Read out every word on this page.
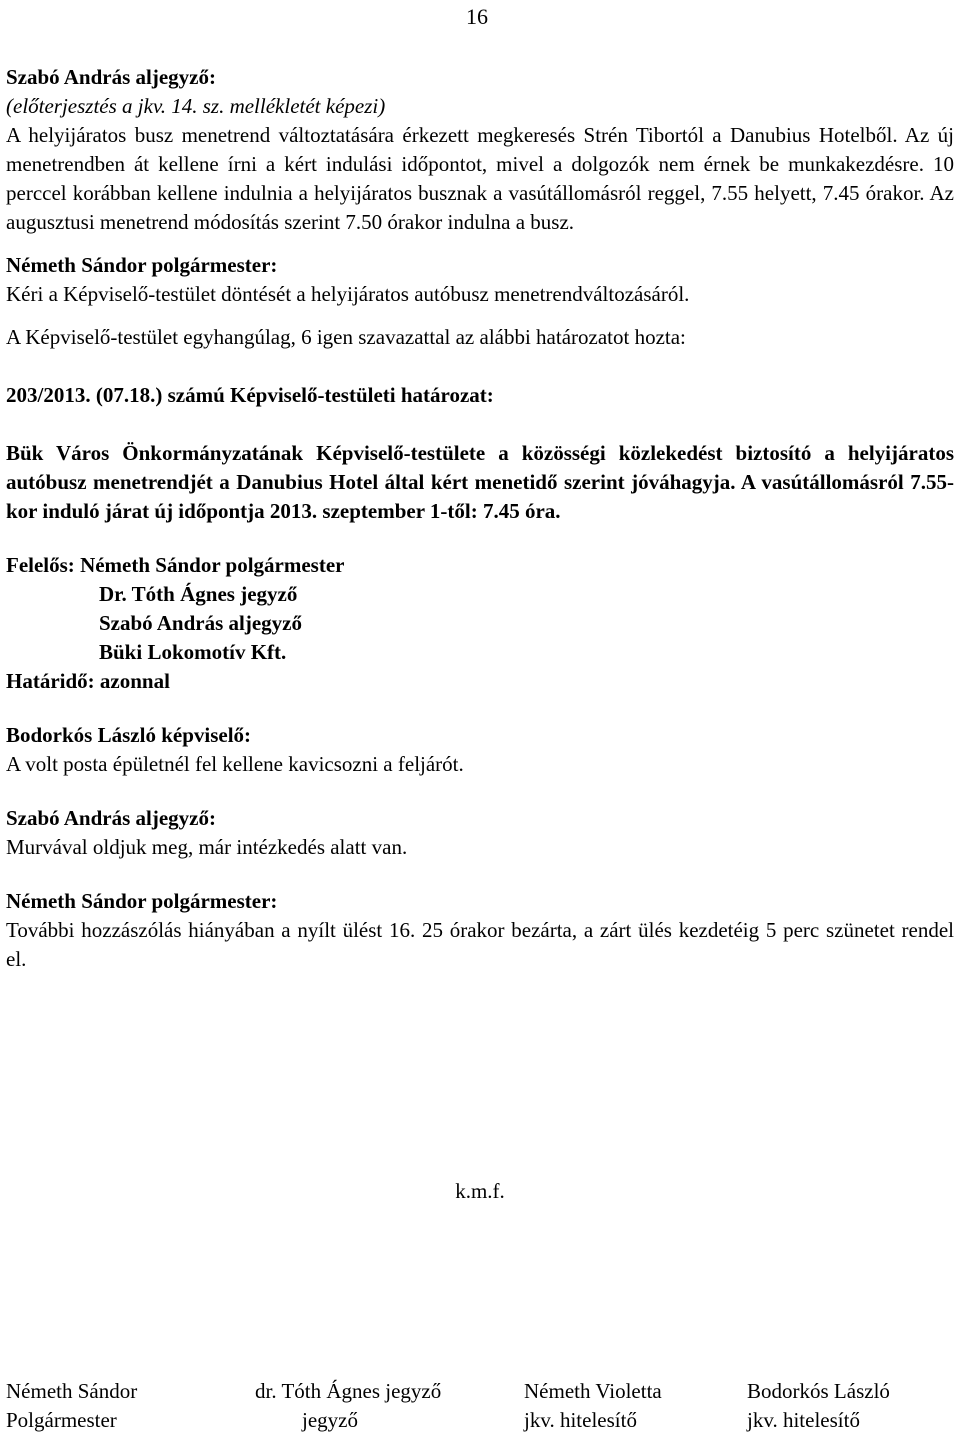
16
Szabó András aljegyző:
(előterjesztés a jkv. 14. sz. mellékletét képezi)
A helyijáratos busz menetrend változtatására érkezett megkeresés Strén Tibortól a Danubius Hotelből. Az új menetrendben át kellene írni a kért indulási időpontot, mivel a dolgozók nem érnek be munkakezdésre. 10 perccel korábban kellene indulnia a helyijáratos busznak a vasútállomásról reggel, 7.55 helyett, 7.45 órakor. Az augusztusi menetrend módosítás szerint 7.50 órakor indulna a busz.
Németh Sándor polgármester:
Kéri a Képviselő-testület döntését a helyijáratos autóbusz menetrendváltozásáról.
A Képviselő-testület egyhangúlag, 6 igen szavazattal az alábbi határozatot hozta:
203/2013. (07.18.) számú Képviselő-testületi határozat:
Bük Város Önkormányzatának Képviselő-testülete a közösségi közlekedést biztosító a helyijáratos autóbusz menetrendjét a Danubius Hotel által kért menetidő szerint jóváhagyja. A vasútállomásról 7.55-kor induló járat új időpontja 2013. szeptember 1-től: 7.45 óra.
Felelős: Németh Sándor polgármester
Dr. Tóth Ágnes jegyző
Szabó András aljegyző
Büki Lokomotív Kft.
Határidő: azonnal
Bodorkós László képviselő:
A volt posta épületnél fel kellene kavicsozni a feljárót.
Szabó András aljegyző:
Murvával oldjuk meg, már intézkedés alatt van.
Németh Sándor polgármester:
További hozzászólás hiányában a nyílt ülést 16. 25 órakor bezárta, a zárt ülés kezdetéig 5 perc szünetet rendel el.
k.m.f.
Németh Sándor
Polgármester
dr. Tóth Ágnes jegyző
jegyző
Németh Violetta
jkv. hitelesítő
Bodorkós László
jkv. hitelesítő
